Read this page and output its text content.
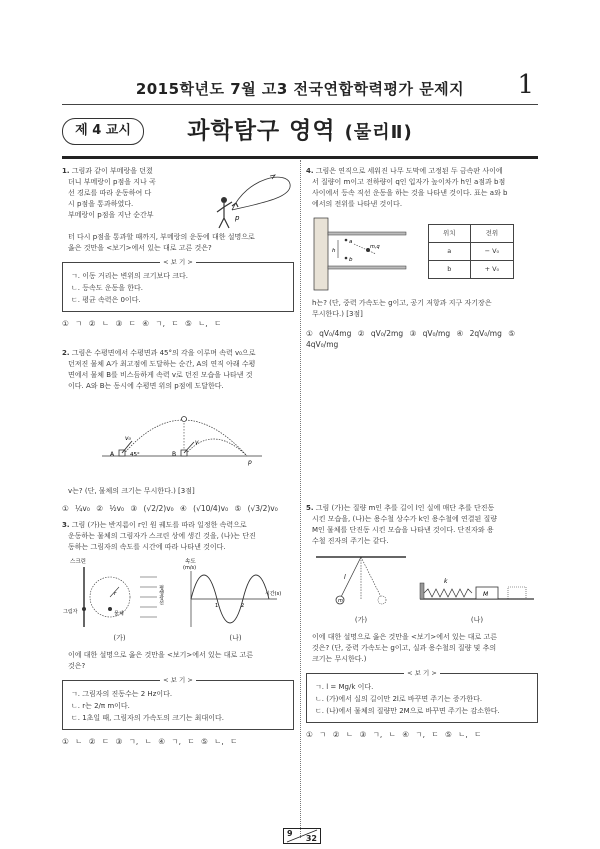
2015학년도 7월 고3 전국연합학력평가 문제지	1
제 4 교시	과학탐구 영역 (물리Ⅱ)
1. 그림과 같이 부메랑을 던졌
더니 부메랑이 p점을 지나 곡
선 경로를 따라 운동하여 다
시 p점을 통과하였다.
부메랑이 p점을 지난 순간부	p
터 다시 p점을 통과할 때까지, 부메랑의 운동에 대한 설명으로
옳은 것만을 <보기>에서 있는 대로 고른 것은?
< 보 기 >
ㄱ. 이동 거리는 변위의 크기보다 크다.
ㄴ. 등속도 운동을 한다.
ㄷ. 평균 속력은 0이다.
① ㄱ ② ㄴ ③ ㄷ ④ ㄱ, ㄷ ⑤ ㄴ, ㄷ
2. 그림은 수평면에서 수평면과 45°의 각을 이루며 속력 v₀으로
던져진 물체 A가 최고점에 도달하는 순간, A의 연직 아래 수평
면에서 물체 B를 비스듬하게 속력 v로 던진 모습을 나타낸 것
이다. A와 B는 동시에 수평면 위의 p점에 도달한다.
v₀
A	45°	B
v
p
v는? (단, 물체의 크기는 무시한다.) [3점]
① ¼v₀ ② ½v₀ ③ (√2/2)v₀ ④ (√10/4)v₀ ⑤ (√3/2)v₀
3. 그림 (가)는 반지름이 r인 원 궤도를 따라 일정한 속력으로
운동하는 물체의 그림자가 스크린 상에 생긴 것을, (나)는 단진
동하는 그림자의 속도를 시간에 따라 나타낸 것이다.
스크린
r
물체
그림자
평행광선
속도
(m/s)
1	2
시간(s)
(가)	(나)
이에 대한 설명으로 옳은 것만을 <보기>에서 있는 대로 고른
것은?
< 보 기 >
ㄱ. 그림자의 진동수는 2 Hz이다.
ㄴ. r는 2/π m이다.
ㄷ. 1초일 때, 그림자의 가속도의 크기는 최대이다.
① ㄴ ② ㄷ ③ ㄱ, ㄴ ④ ㄱ, ㄷ ⑤ ㄴ, ㄷ
4. 그림은 연직으로 세워진 나무 도막에 고정된 두 금속판 사이에
서 질량이 m이고 전하량이 q인 입자가 높이차가 h인 a점과 b점
사이에서 등속 직선 운동을 하는 것을 나타낸 것이다. 표는 a와 b
에서의 전위를 나타낸 것이다.
a
b
h
m,q
위치	전위
a	− V₀
b	+ V₀
h는? (단, 중력 가속도는 g이고, 공기 저항과 지구 자기장은
무시한다.) [3점]
① qV₀/4mg ② qV₀/2mg ③ qV₀/mg ④ 2qV₀/mg ⑤ 4qV₀/mg
5. 그림 (가)는 질량 m인 추를 길이 l인 실에 매단 추를 단진동
시킨 모습을, (나)는 용수철 상수가 k인 용수철에 연결된 질량
M인 물체를 단진동 시킨 모습을 나타낸 것이다. 단진자와 용
수철 진자의 주기는 같다.
l
m
k
M
(가)	(나)
이에 대한 설명으로 옳은 것만을 <보기>에서 있는 대로 고른
것은? (단, 중력 가속도는 g이고, 실과 용수철의 질량 및 추의
크기는 무시한다.)
< 보 기 >
ㄱ. l = Mg/k 이다.
ㄴ. (가)에서 실의 길이만 2l로 바꾸면 주기는 증가한다.
ㄷ. (나)에서 물체의 질량만 2M으로 바꾸면 주기는 감소한다.
① ㄱ ② ㄴ ③ ㄱ, ㄴ ④ ㄱ, ㄷ ⑤ ㄴ, ㄷ
9
32
